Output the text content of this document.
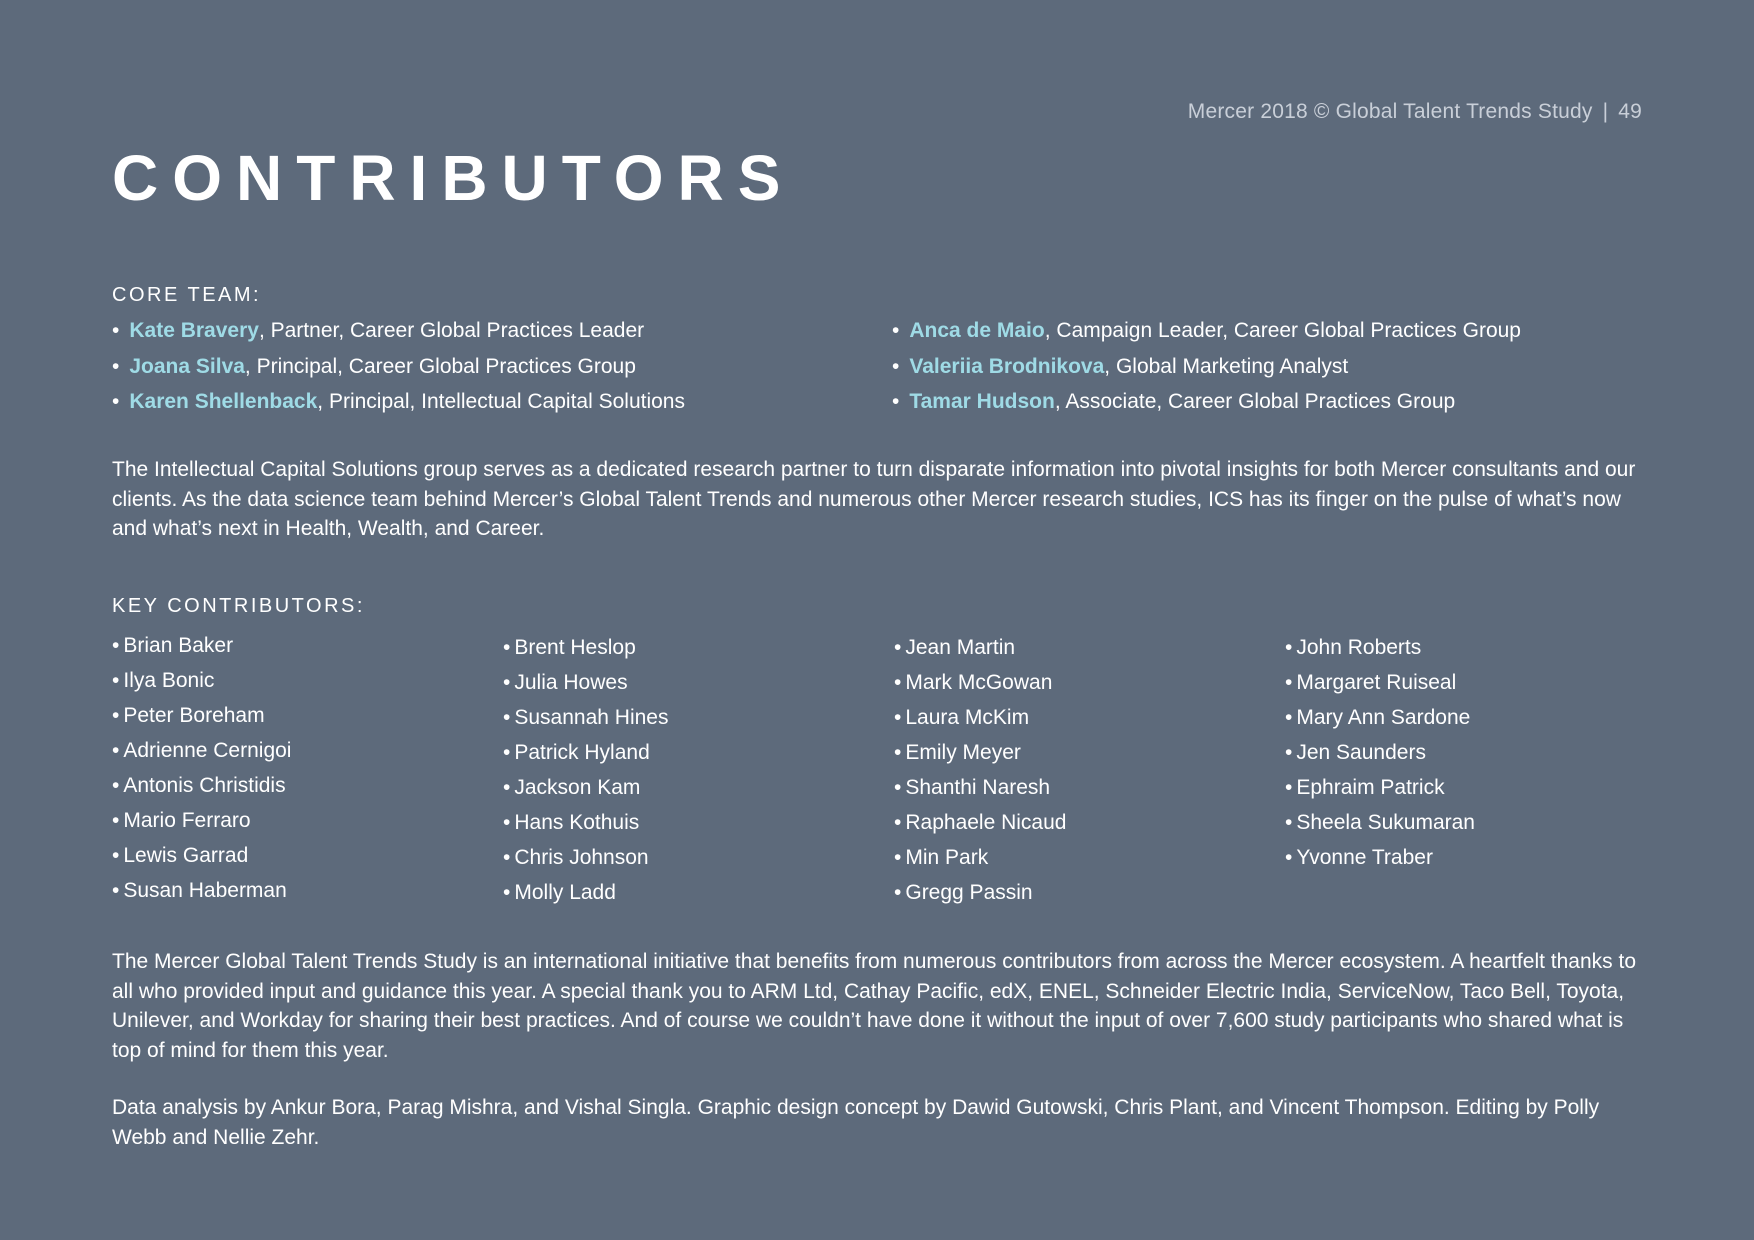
Mercer 2018 © Global Talent Trends Study | 49
CONTRIBUTORS
CORE TEAM:
• Kate Bravery, Partner, Career Global Practices Leader
• Joana Silva, Principal, Career Global Practices Group
• Karen Shellenback, Principal, Intellectual Capital Solutions
• Anca de Maio, Campaign Leader, Career Global Practices Group
• Valeriia Brodnikova, Global Marketing Analyst
• Tamar Hudson, Associate, Career Global Practices Group

The Intellectual Capital Solutions group serves as a dedicated research partner to turn disparate information into pivotal insights for both Mercer consultants and our clients. As the data science team behind Mercer’s Global Talent Trends and numerous other Mercer research studies, ICS has its finger on the pulse of what’s now and what’s next in Health, Wealth, and Career.

KEY CONTRIBUTORS:
• Brian Baker
• Ilya Bonic
• Peter Boreham
• Adrienne Cernigoi
• Antonis Christidis
• Mario Ferraro
• Lewis Garrad
• Susan Haberman
• Brent Heslop
• Julia Howes
• Susannah Hines
• Patrick Hyland
• Jackson Kam
• Hans Kothuis
• Chris Johnson
• Molly Ladd
• Jean Martin
• Mark McGowan
• Laura McKim
• Emily Meyer
• Shanthi Naresh
• Raphaele Nicaud
• Min Park
• Gregg Passin
• John Roberts
• Margaret Ruiseal
• Mary Ann Sardone
• Jen Saunders
• Ephraim Patrick
• Sheela Sukumaran
• Yvonne Traber

The Mercer Global Talent Trends Study is an international initiative that benefits from numerous contributors from across the Mercer ecosystem. A heartfelt thanks to all who provided input and guidance this year. A special thank you to ARM Ltd, Cathay Pacific, edX, ENEL, Schneider Electric India, ServiceNow, Taco Bell, Toyota, Unilever, and Workday for sharing their best practices. And of course we couldn’t have done it without the input of over 7,600 study participants who shared what is top of mind for them this year.

Data analysis by Ankur Bora, Parag Mishra, and Vishal Singla. Graphic design concept by Dawid Gutowski, Chris Plant, and Vincent Thompson. Editing by Polly Webb and Nellie Zehr.
